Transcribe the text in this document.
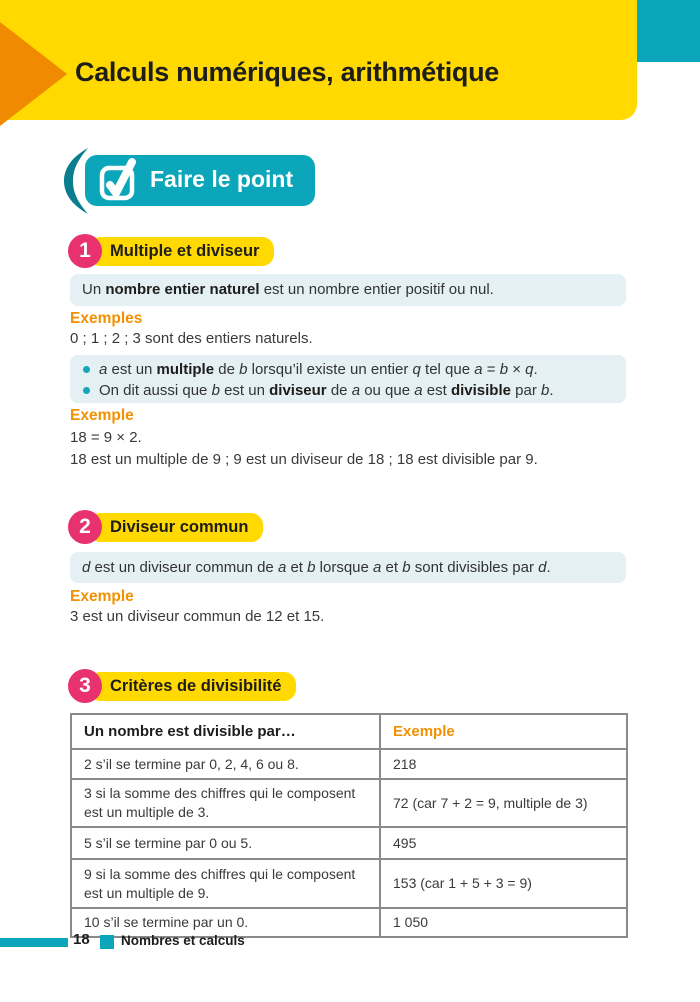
Calculs numériques, arithmétique
Faire le point
1	Multiple et diviseur
Un nombre entier naturel est un nombre entier positif ou nul.
Exemples
0 ; 1 ; 2 ; 3 sont des entiers naturels.
a est un multiple de b lorsqu’il existe un entier q tel que a = b × q.
On dit aussi que b est un diviseur de a ou que a est divisible par b.
Exemple
18 = 9 × 2.
18 est un multiple de 9 ; 9 est un diviseur de 18 ; 18 est divisible par 9.
2	Diviseur commun
d est un diviseur commun de a et b lorsque a et b sont divisibles par d.
Exemple
3 est un diviseur commun de 12 et 15.
3	Critères de divisibilité
Un nombre est divisible par…	Exemple
2 s’il se termine par 0, 2, 4, 6 ou 8.	218
3 si la somme des chiffres qui le composent est un multiple de 3.	72 (car 7 + 2 = 9, multiple de 3)
5 s’il se termine par 0 ou 5.	495
9 si la somme des chiffres qui le composent est un multiple de 9.	153 (car 1 + 5 + 3 = 9)
10 s’il se termine par un 0.	1 050
18 Nombres et calculs
